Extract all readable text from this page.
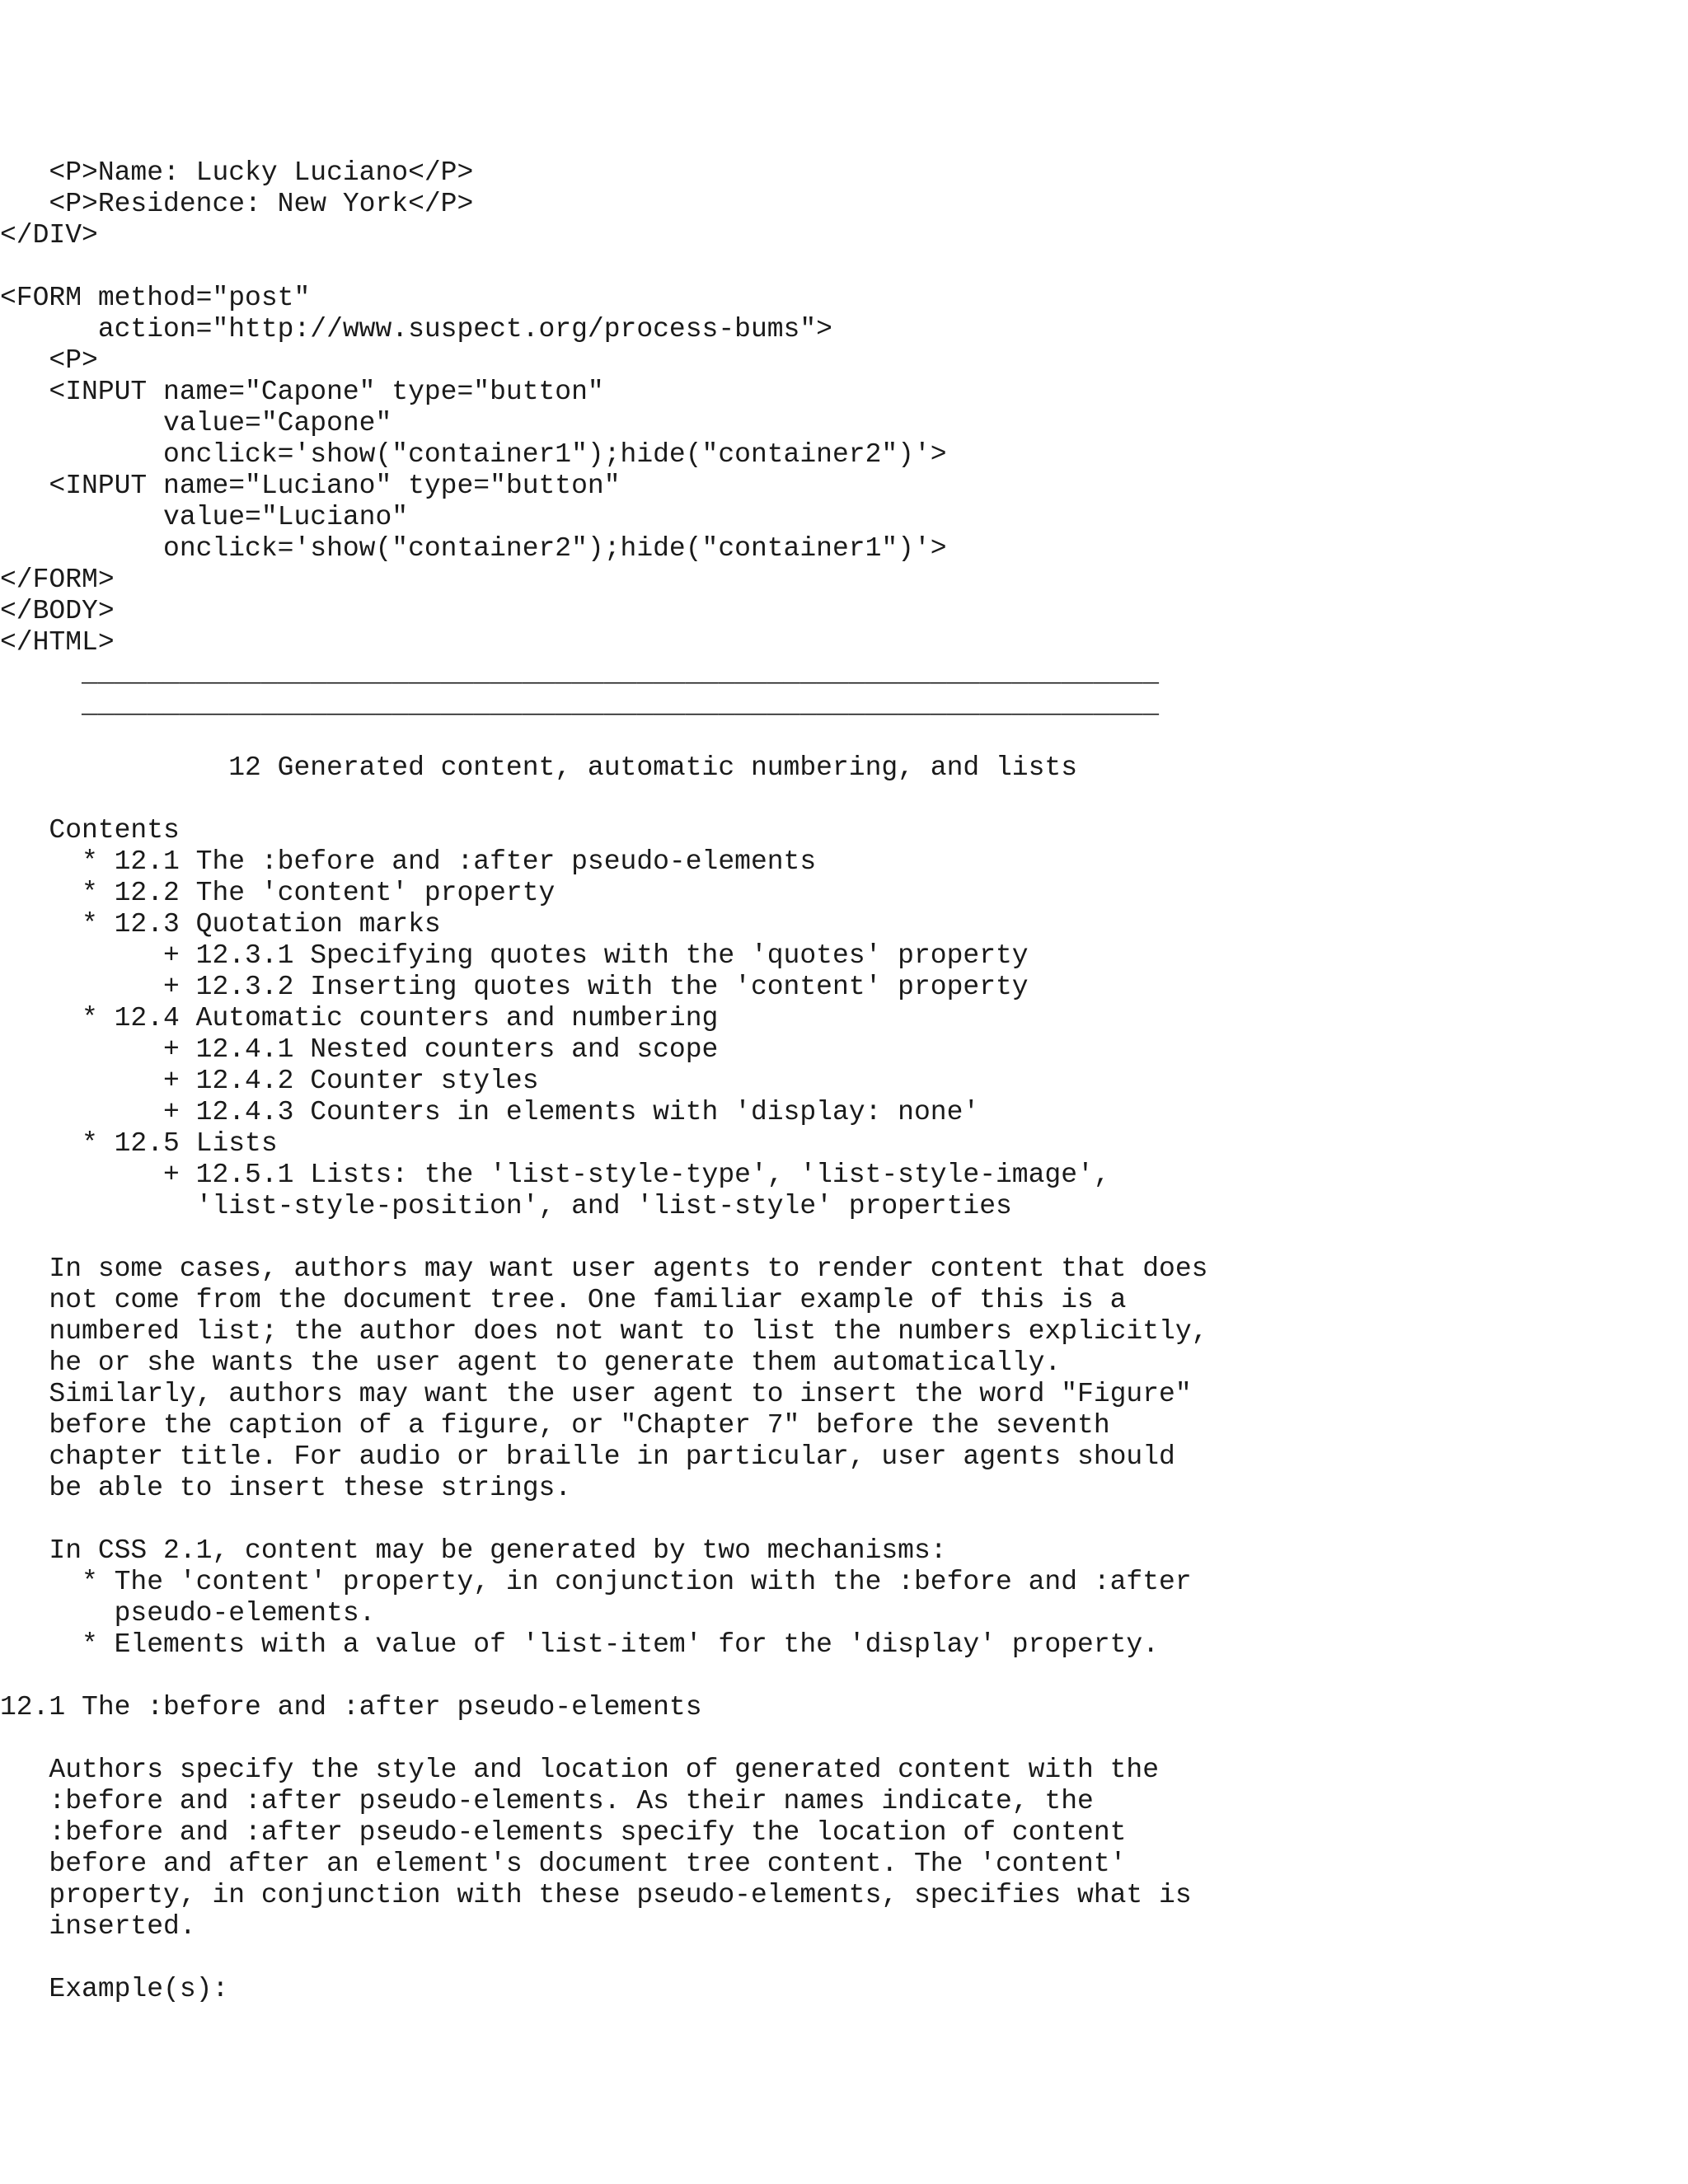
<P>Name: Lucky Luciano</P>
<P>Residence: New York</P>
</DIV>
<FORM method="post"
action="http://www.suspect.org/process-bums">
<P>
<INPUT name="Capone" type="button"
value="Capone"
onclick='show("container1");hide("container2")'>
<INPUT name="Luciano" type="button"
value="Luciano"
onclick='show("container2");hide("container1")'>
</FORM>
</BODY>
</HTML>
__________________________________________________________________
__________________________________________________________________
12 Generated content, automatic numbering, and lists
Contents
* 12.1 The :before and :after pseudo-elements
* 12.2 The 'content' property
* 12.3 Quotation marks
+ 12.3.1 Specifying quotes with the 'quotes' property
+ 12.3.2 Inserting quotes with the 'content' property
* 12.4 Automatic counters and numbering
+ 12.4.1 Nested counters and scope
+ 12.4.2 Counter styles
+ 12.4.3 Counters in elements with 'display: none'
* 12.5 Lists
+ 12.5.1 Lists: the 'list-style-type', 'list-style-image',
'list-style-position', and 'list-style' properties
In some cases, authors may want user agents to render content that does
not come from the document tree. One familiar example of this is a
numbered list; the author does not want to list the numbers explicitly,
he or she wants the user agent to generate them automatically.
Similarly, authors may want the user agent to insert the word "Figure"
before the caption of a figure, or "Chapter 7" before the seventh
chapter title. For audio or braille in particular, user agents should
be able to insert these strings.
In CSS 2.1, content may be generated by two mechanisms:
* The 'content' property, in conjunction with the :before and :after
pseudo-elements.
* Elements with a value of 'list-item' for the 'display' property.
12.1 The :before and :after pseudo-elements
Authors specify the style and location of generated content with the
:before and :after pseudo-elements. As their names indicate, the
:before and :after pseudo-elements specify the location of content
before and after an element's document tree content. The 'content'
property, in conjunction with these pseudo-elements, specifies what is
inserted.
Example(s):
